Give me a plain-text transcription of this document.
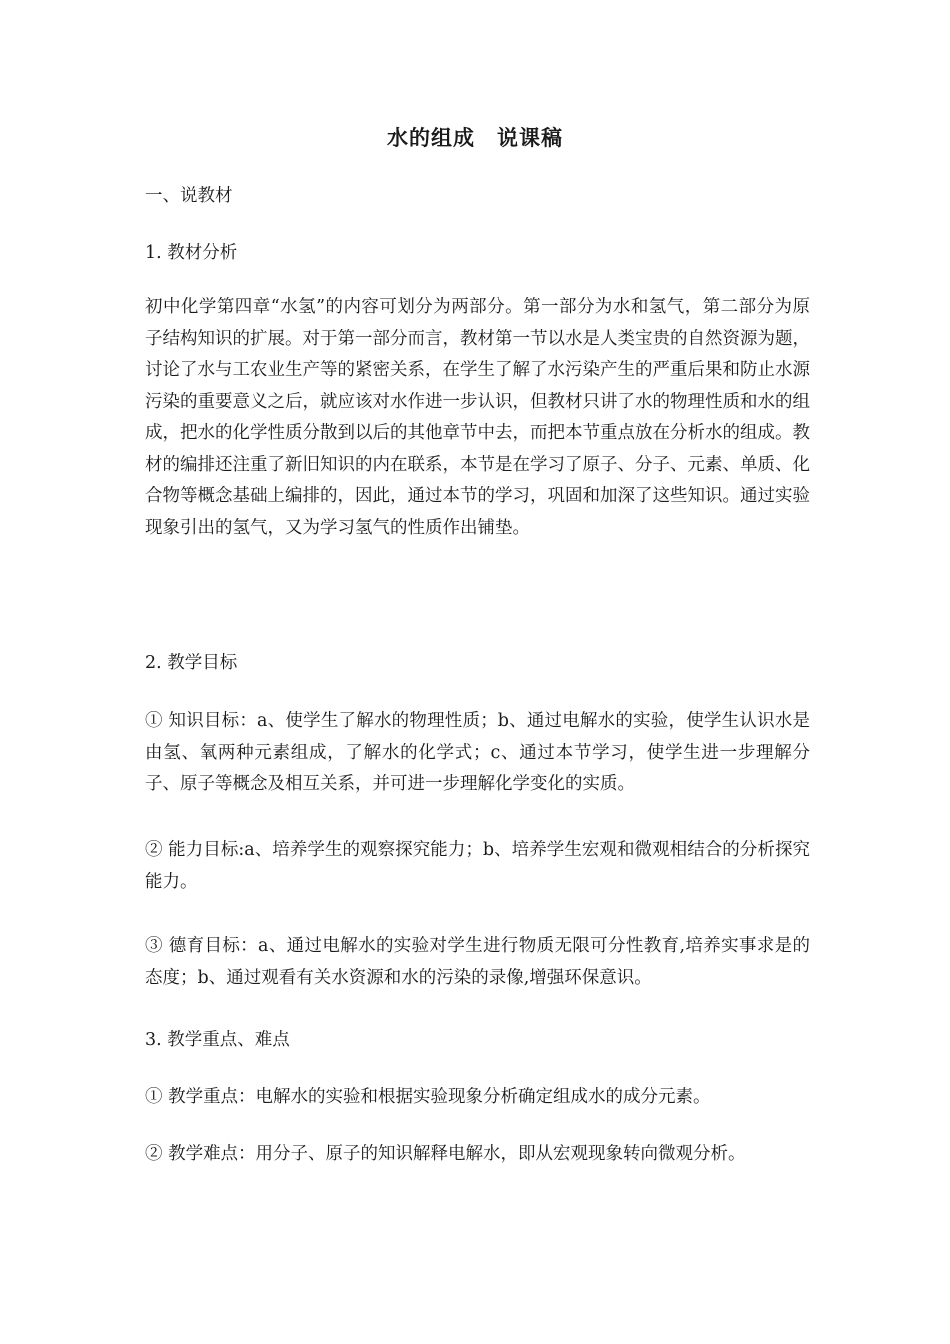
水的组成　说课稿

一、说教材

1. 教材分析

初中化学第四章“水氢”的内容可划分为两部分。第一部分为水和氢气，第二部分为原子结构知识的扩展。对于第一部分而言，教材第一节以水是人类宝贵的自然资源为题，讨论了水与工农业生产等的紧密关系，在学生了解了水污染产生的严重后果和防止水源污染的重要意义之后，就应该对水作进一步认识，但教材只讲了水的物理性质和水的组成，把水的化学性质分散到以后的其他章节中去，而把本节重点放在分析水的组成。教材的编排还注重了新旧知识的内在联系，本节是在学习了原子、分子、元素、单质、化合物等概念基础上编排的，因此，通过本节的学习，巩固和加深了这些知识。通过实验现象引出的氢气，又为学习氢气的性质作出铺垫。

2. 教学目标

① 知识目标：a、使学生了解水的物理性质；b、通过电解水的实验，使学生认识水是由氢、氧两种元素组成，了解水的化学式；c、通过本节学习，使学生进一步理解分子、原子等概念及相互关系，并可进一步理解化学变化的实质。

② 能力目标:a、培养学生的观察探究能力；b、培养学生宏观和微观相结合的分析探究能力。

③ 德育目标：a、通过电解水的实验对学生进行物质无限可分性教育,培养实事求是的态度；b、通过观看有关水资源和水的污染的录像,增强环保意识。

3. 教学重点、难点

① 教学重点：电解水的实验和根据实验现象分析确定组成水的成分元素。

② 教学难点：用分子、原子的知识解释电解水，即从宏观现象转向微观分析。
